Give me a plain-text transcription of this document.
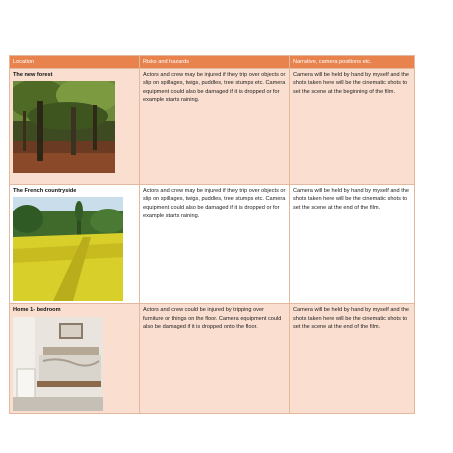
Location	Risks and hazards	Narrative, camera positions etc.

The new forest	Actors and crew may be injured if they trip over objects or slip on spillages, twigs, puddles, tree stumps etc. Camera equipment could also be damaged if it is dropped or for example starts raining.	Camera will be held by hand by myself and the shots taken here will be the cinematic shots to set the scene at the beginning of the film.

The French countryside	Actors and crew may be injured if they trip over objects or slip on spillages, twigs, puddles, tree stumps etc. Camera equipment could also be damaged if it is dropped or for example starts raining.	Camera will be held by hand by myself and the shots taken here will be the cinematic shots to set the scene at the end of the film.

Home 1- bedroom	Actors and crew could be injured by tripping over furniture or things on the floor. Camera equipment could also be damaged if it is dropped onto the floor.	Camera will be held by hand by myself and the shots taken here will be the cinematic shots to set the scene at the end of the film.
